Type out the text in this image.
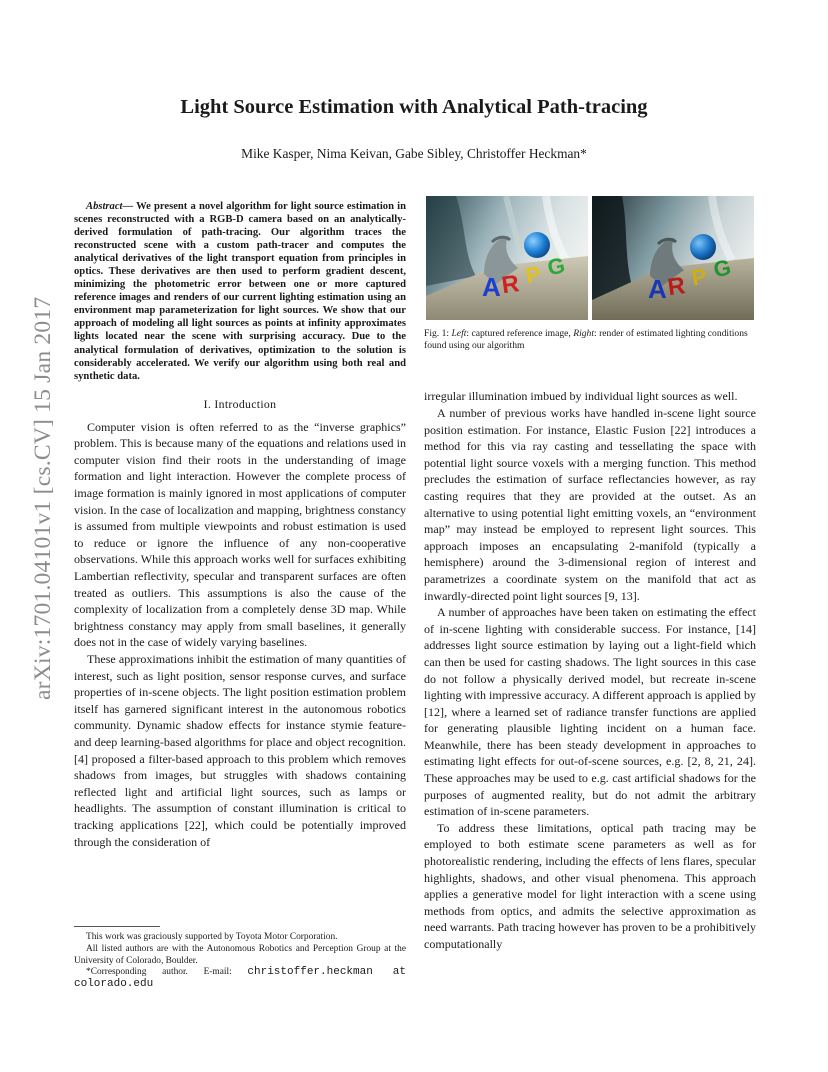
arXiv:1701.04101v1 [cs.CV] 15 Jan 2017
Light Source Estimation with Analytical Path-tracing
Mike Kasper, Nima Keivan, Gabe Sibley, Christoffer Heckman*

Abstract— We present a novel algorithm for light source estimation in scenes reconstructed with a RGB-D camera based on an analytically-derived formulation of path-tracing. Our algorithm traces the reconstructed scene with a custom path-tracer and computes the analytical derivatives of the light transport equation from principles in optics. These derivatives are then used to perform gradient descent, minimizing the photometric error between one or more captured reference images and renders of our current lighting estimation using an environment map parameterization for light sources. We show that our approach of modeling all light sources as points at infinity approximates lights located near the scene with surprising accuracy. Due to the analytical formulation of derivatives, optimization to the solution is considerably accelerated. We verify our algorithm using both real and synthetic data.

I. Introduction

Computer vision is often referred to as the “inverse graphics” problem. This is because many of the equations and relations used in computer vision find their roots in the understanding of image formation and light interaction. However the complete process of image formation is mainly ignored in most applications of computer vision. In the case of localization and mapping, brightness constancy is assumed from multiple viewpoints and robust estimation is used to reduce or ignore the influence of any non-cooperative observations. While this approach works well for surfaces exhibiting Lambertian reflectivity, specular and transparent surfaces are often treated as outliers. This assumptions is also the cause of the complexity of localization from a completely dense 3D map. While brightness constancy may apply from small baselines, it generally does not in the case of widely varying baselines.

These approximations inhibit the estimation of many quantities of interest, such as light position, sensor response curves, and surface properties of in-scene objects. The light position estimation problem itself has garnered significant interest in the autonomous robotics community. Dynamic shadow effects for instance stymie feature- and deep learning-based algorithms for place and object recognition. [4] proposed a filter-based approach to this problem which removes shadows from images, but struggles with shadows containing reflected light and artificial light sources, such as lamps or headlights. The assumption of constant illumination is critical to tracking applications [22], which could be potentially improved through the consideration of

This work was graciously supported by Toyota Motor Corporation.

All listed authors are with the Autonomous Robotics and Perception Group at the University of Colorado, Boulder.

*Corresponding author. E-mail: christoffer.heckman at colorado.edu

A R P G
A R P G

Fig. 1: Left: captured reference image, Right: render of estimated lighting conditions found using our algorithm

irregular illumination imbued by individual light sources as well.

A number of previous works have handled in-scene light source position estimation. For instance, Elastic Fusion [22] introduces a method for this via ray casting and tessellating the space with potential light source voxels with a merging function. This method precludes the estimation of surface reflectancies however, as ray casting requires that they are provided at the outset. As an alternative to using potential light emitting voxels, an “environment map” may instead be employed to represent light sources. This approach imposes an encapsulating 2-manifold (typically a hemisphere) around the 3-dimensional region of interest and parametrizes a coordinate system on the manifold that act as inwardly-directed point light sources [9, 13].

A number of approaches have been taken on estimating the effect of in-scene lighting with considerable success. For instance, [14] addresses light source estimation by laying out a light-field which can then be used for casting shadows. The light sources in this case do not follow a physically derived model, but recreate in-scene lighting with impressive accuracy. A different approach is applied by [12], where a learned set of radiance transfer functions are applied for generating plausible lighting incident on a human face. Meanwhile, there has been steady development in approaches to estimating light effects for out-of-scene sources, e.g. [2, 8, 21, 24]. These approaches may be used to e.g. cast artificial shadows for the purposes of augmented reality, but do not admit the arbitrary estimation of in-scene parameters.

To address these limitations, optical path tracing may be employed to both estimate scene parameters as well as for photorealistic rendering, including the effects of lens flares, specular highlights, shadows, and other visual phenomena. This approach applies a generative model for light interaction with a scene using methods from optics, and admits the selective approximation as need warrants. Path tracing however has proven to be a prohibitively computationally
